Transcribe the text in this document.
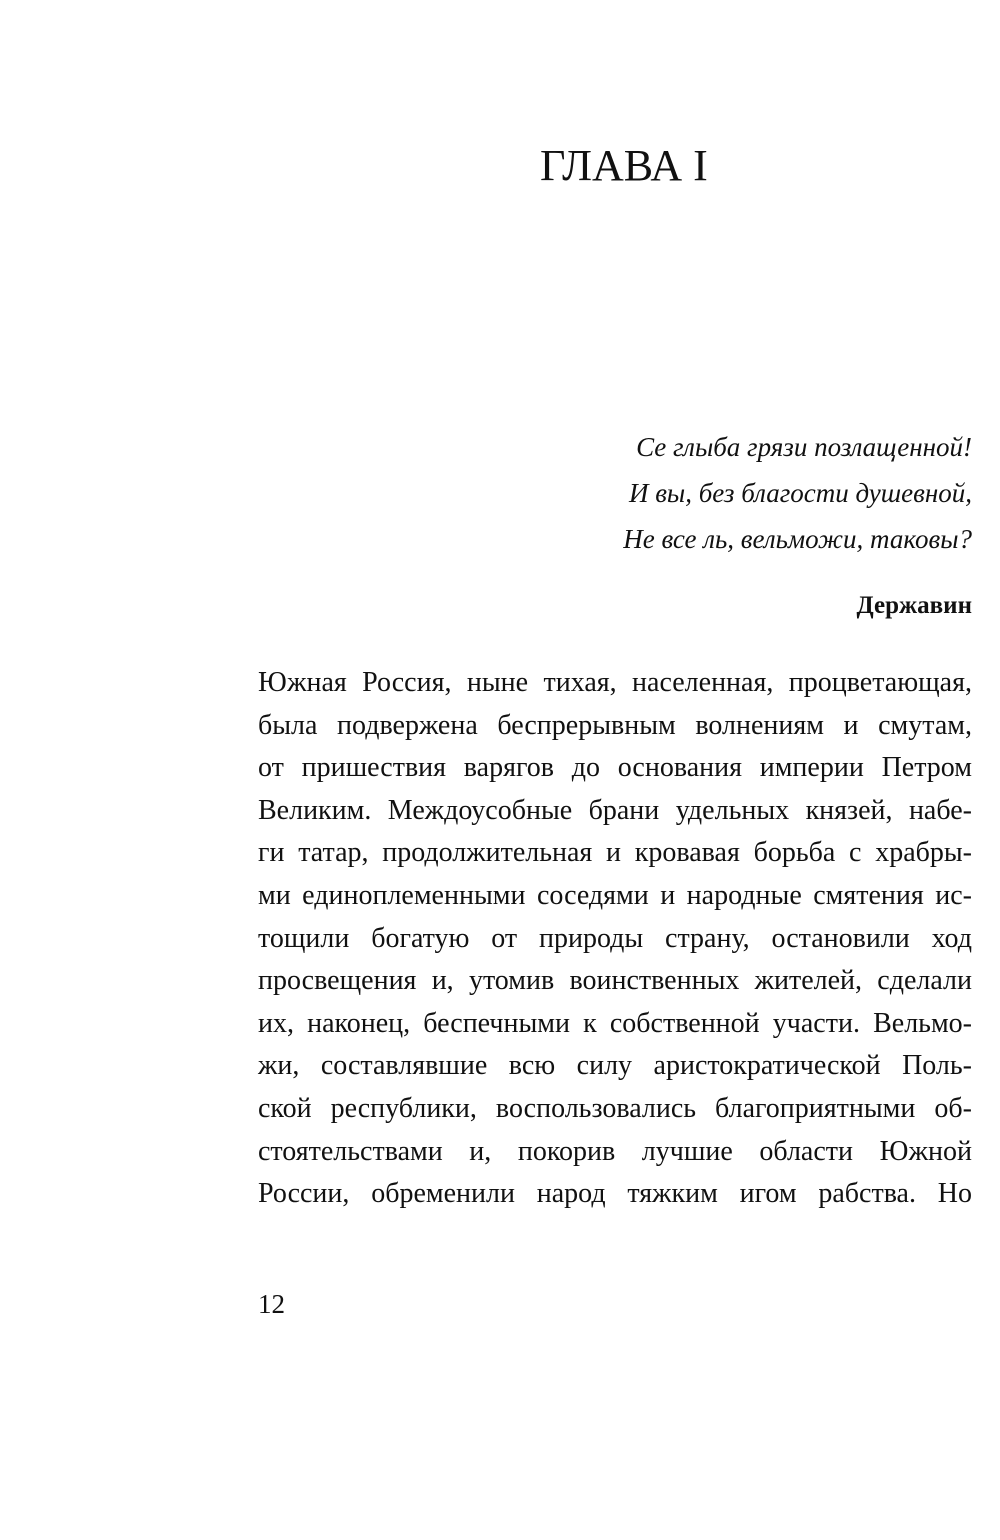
ГЛАВА I
Се глыба грязи позлащенной!
И вы, без благости душевной,
Не все ль, вельможи, таковы?

Державин

Южная Россия, ныне тихая, населенная, процветающая,
была подвержена беспрерывным волнениям и смутам,
от пришествия варягов до основания империи Петром
Великим. Междоусобные брани удельных князей, набе-
ги татар, продолжительная и кровавая борьба с храбры-
ми единоплеменными соседями и народные смятения ис-
тощили богатую от природы страну, остановили ход
просвещения и, утомив воинственных жителей, сделали
их, наконец, беспечными к собственной участи. Вельмо-
жи, составлявшие всю силу аристократической Поль-
ской республики, воспользовались благоприятными об-
стоятельствами и, покорив лучшие области Южной
России, обременили народ тяжким игом рабства. Но

12
